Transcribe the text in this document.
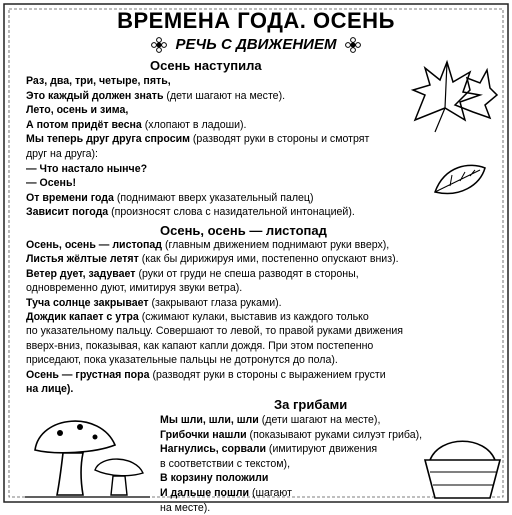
ВРЕМЕНА ГОДА. ОСЕНЬ
РЕЧЬ С ДВИЖЕНИЕМ
Осень наступила
Раз, два, три, четыре, пять,
Это каждый должен знать (дети шагают на месте).
Лето, осень и зима,
А потом придёт весна (хлопают в ладоши).
Мы теперь друг друга спросим (разводят руки в стороны и смотрят
друг на друга):
— Что настало нынче?
— Осень!
От времени года (поднимают вверх указательный палец)
Зависит погода (произносят слова с назидательной интонацией).
Осень, осень — листопад
Осень, осень — листопад (главным движением поднимают руки вверх),
Листья жёлтые летят (как бы дирижируя ими, постепенно опускают вниз).
Ветер дует, задувает (руки от груди не спеша разводят в стороны,
одновременно дуют, имитируя звуки ветра).
Туча солнце закрывает (закрывают глаза руками).
Дождик капает с утра (сжимают кулаки, выставив из каждого только
по указательному пальцу. Совершают то левой, то правой руками движения
вверх-вниз, показывая, как капают капли дождя. При этом постепенно
приседают, пока указательные пальцы не дотронутся до пола).
Осень — грустная пора (разводят руки в стороны с выражением грусти
на лице).
За грибами
Мы шли, шли, шли (дети шагают на месте),
Грибочки нашли (показывают руками силуэт гриба),
Нагнулись, сорвали (имитируют движения
в соответствии с текстом),
В корзину положили
И дальше пошли (шагают
на месте).
